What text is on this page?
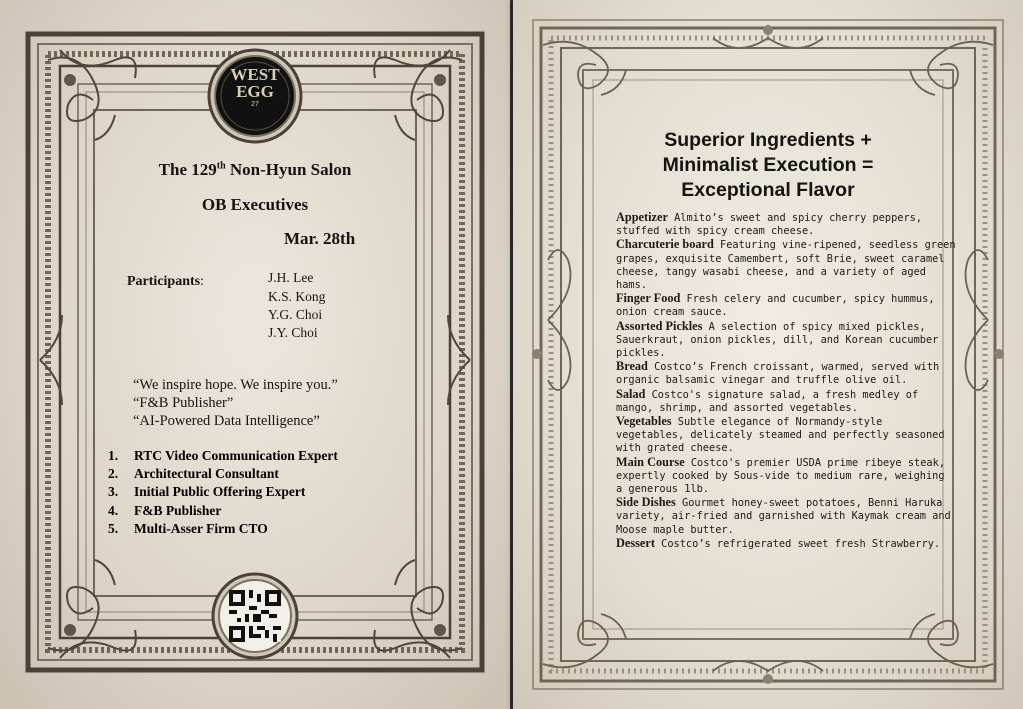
WEST
EGG
27
The 129th Non-Hyun Salon
OB Executives
Mar. 28th
Participants:	J.H. Lee
K.S. Kong
Y.G. Choi
J.Y. Choi
“We inspire hope. We inspire you.”
“F&B Publisher”
“AI-Powered Data Intelligence”
1. RTC Video Communication Expert
2. Architectural Consultant
3. Initial Public Offering Expert
4. F&B Publisher
5. Multi-Asser Firm CTO
Superior Ingredients +
Minimalist Execution =
Exceptional Flavor

Appetizer Almito’s sweet and spicy cherry peppers, stuffed with spicy cream cheese.

Charcuterie board Featuring vine-ripened, seedless green grapes, exquisite Camembert, soft Brie, sweet caramel cheese, tangy wasabi cheese, and a variety of aged hams.

Finger Food Fresh celery and cucumber, spicy hummus, onion cream sauce.

Assorted Pickles A selection of spicy mixed pickles, Sauerkraut, onion pickles, dill, and Korean cucumber pickles.

Bread Costco’s French croissant, warmed, served with organic balsamic vinegar and truffle olive oil.

Salad Costco's signature salad, a fresh medley of mango, shrimp, and assorted vegetables.

Vegetables Subtle elegance of Normandy-style vegetables, delicately steamed and perfectly seasoned with grated cheese.

Main Course Costco's premier USDA prime ribeye steak, expertly cooked by Sous-vide to medium rare, weighing a generous 1lb.

Side Dishes Gourmet honey-sweet potatoes, Benni Haruka variety, air-fried and garnished with Kaymak cream and Moose maple butter.

Dessert Costco’s refrigerated sweet fresh Strawberry.
